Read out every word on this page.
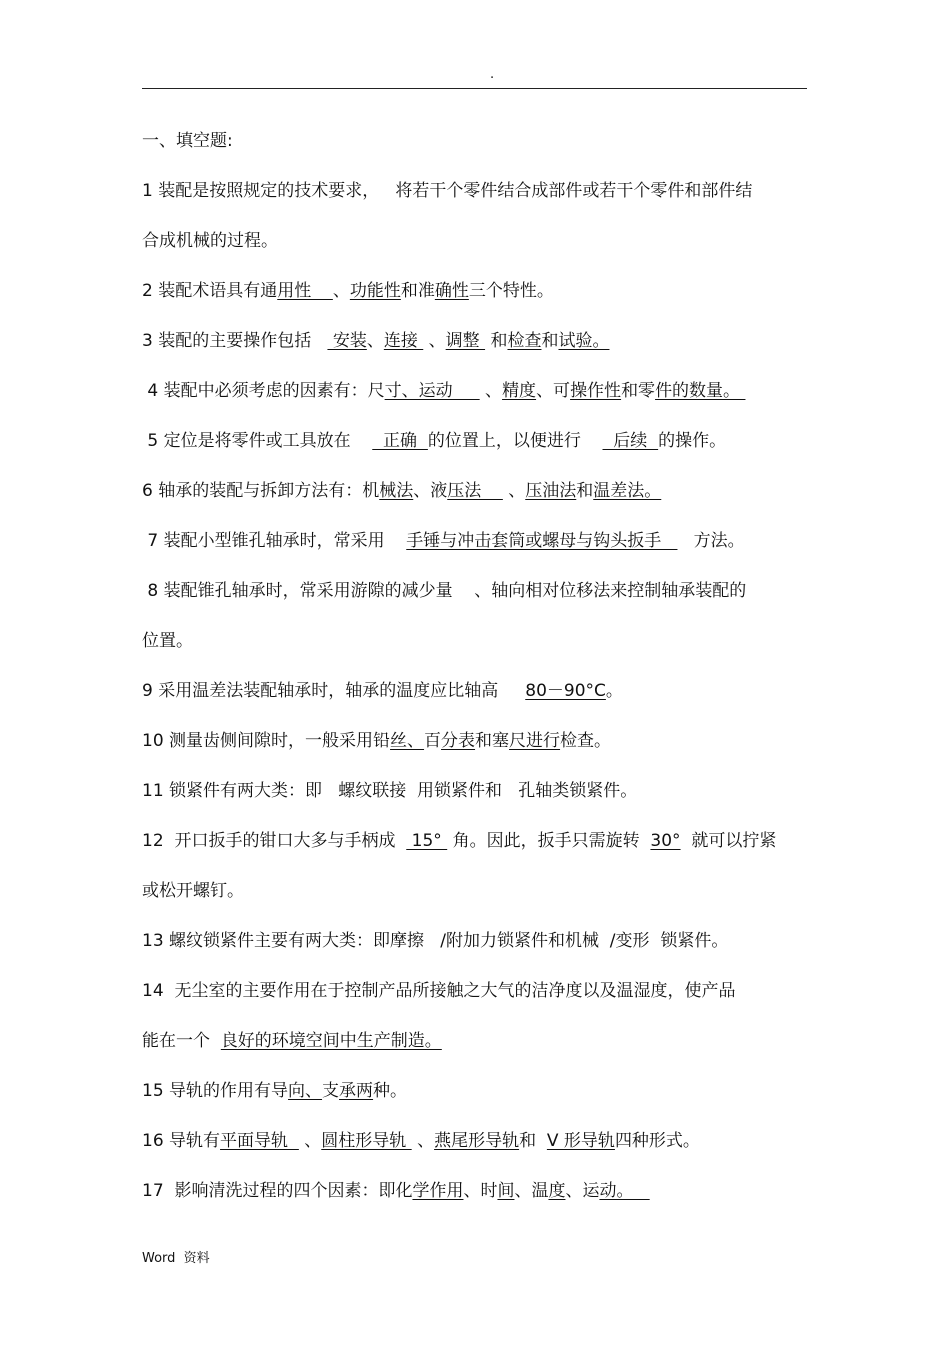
.
一、填空题:
1 装配是按照规定的技术要求，   将若干个零件结合成部件或若干个零件和部件结
合成机械的过程。
2 装配术语具有通用性    、功能性和准确性三个特性。
3 装配的主要操作包括    安装、连接  、调整  和检查和试验。
4 装配中必须考虑的因素有：尺寸、运动      、精度、可操作性和零件的数量。
5 定位是将零件或工具放在      正确  的位置上，以便进行      后续  的操作。
6 轴承的装配与拆卸方法有：机械法、液压法     、压油法和温差法。
7 装配小型锥孔轴承时，常采用    手锤与冲击套筒或螺母与钩头扳手      方法。
8 装配锥孔轴承时，常采用游隙的减少量    、轴向相对位移法来控制轴承装配的
位置。
9 采用温差法装配轴承时，轴承的温度应比轴高     80－90°C。
10 测量齿侧间隙时，一般采用铅丝、百分表和塞尺进行检查。
11 锁紧件有两大类：即   螺纹联接  用锁紧件和   孔轴类锁紧件。
12  开口扳手的钳口大多与手柄成   15°  角。因此，扳手只需旋转  30°  就可以拧紧
或松开螺钉。
13 螺纹锁紧件主要有两大类：即摩擦   /附加力锁紧件和机械  /变形  锁紧件。
14  无尘室的主要作用在于控制产品所接触之大气的洁净度以及温湿度，使产品
能在一个  良好的环境空间中生产制造。
15 导轨的作用有导向、支承两种。
16 导轨有平面导轨   、圆柱形导轨  、燕尾形导轨和  V 形导轨四种形式。
17  影响清洗过程的四个因素：即化学作用、时间、温度、运动。
Word  资料
